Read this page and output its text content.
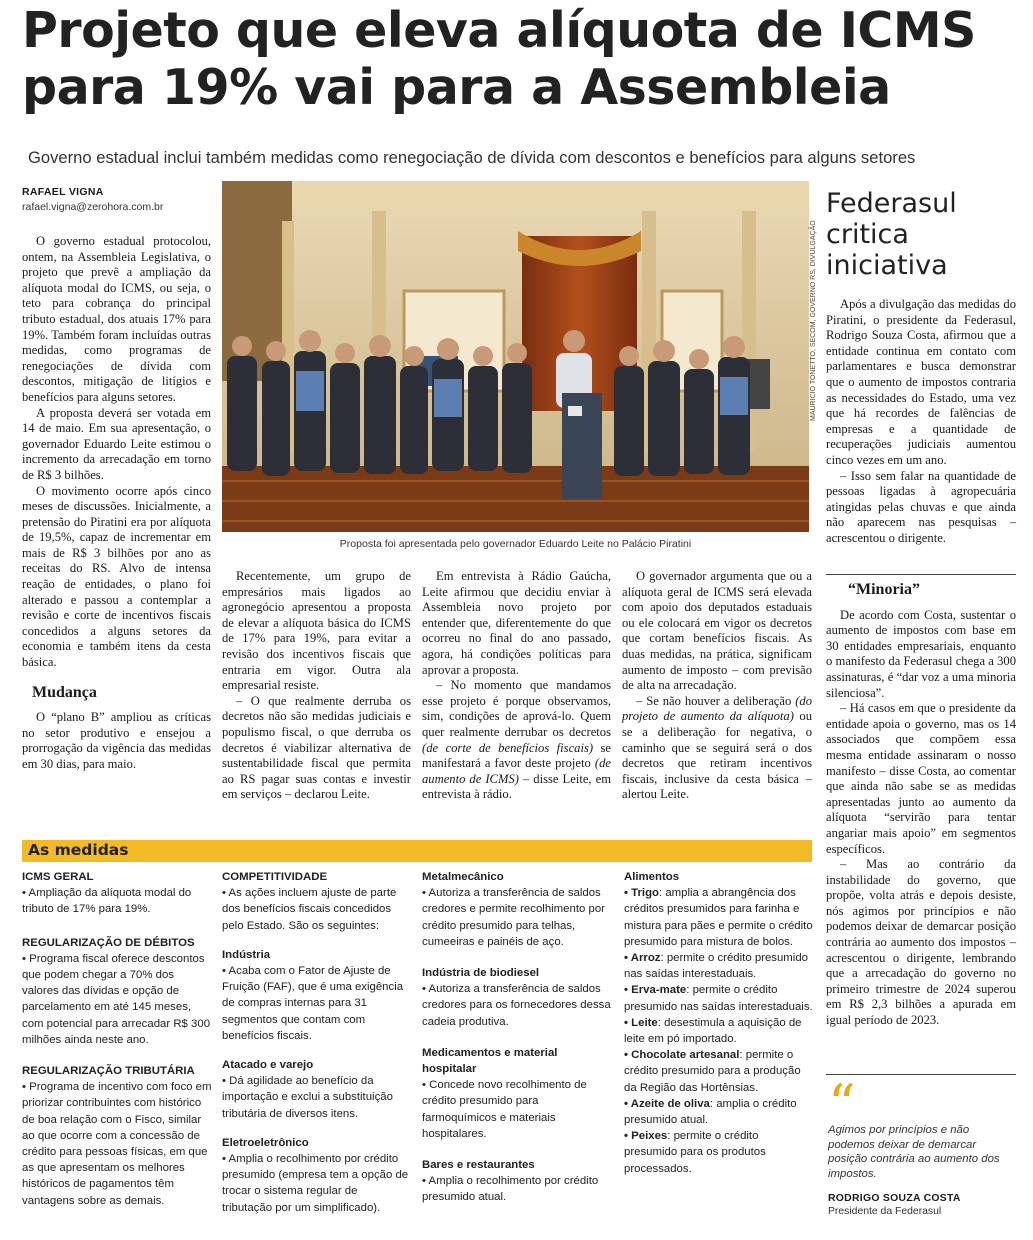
Projeto que eleva alíquota de ICMS para 19% vai para a Assembleia
Governo estadual inclui também medidas como renegociação de dívida com descontos e benefícios para alguns setores
RAFAEL VIGNA
rafael.vigna@zerohora.com.br

O governo estadual protocolou, ontem, na Assembleia Legislativa, o projeto que prevê a ampliação da alíquota modal do ICMS, ou seja, o teto para cobrança do principal tributo estadual, dos atuais 17% para 19%. Também foram incluídas outras medidas, como programas de renegociações de dívida com descontos, mitigação de litígios e benefícios para alguns setores.

A proposta deverá ser votada em 14 de maio. Em sua apresentação, o governador Eduardo Leite estimou o incremento da arrecadação em torno de R$ 3 bilhões.

O movimento ocorre após cinco meses de discussões. Inicialmente, a pretensão do Piratini era por alíquota de 19,5%, capaz de incrementar em mais de R$ 3 bilhões por ano as receitas do RS. Alvo de intensa reação de entidades, o plano foi alterado e passou a contemplar a revisão e corte de incentivos fiscais concedidos a alguns setores da economia e também itens da cesta básica.

Mudança

O “plano B” ampliou as críticas no setor produtivo e ensejou a prorrogação da vigência das medidas em 30 dias, para maio.

MAURICIO TONETTO, SECOM, GOVERNO RS, DIVULGAÇÃO
Proposta foi apresentada pelo governador Eduardo Leite no Palácio Piratini

Recentemente, um grupo de empresários mais ligados ao agronegócio apresentou a proposta de elevar a alíquota básica do ICMS de 17% para 19%, para evitar a revisão dos incentivos fiscais que entraria em vigor. Outra ala empresarial resiste.

– O que realmente derruba os decretos não são medidas judiciais e populismo fiscal, o que derruba os decretos é viabilizar alternativa de sustentabilidade fiscal que permita ao RS pagar suas contas e investir em serviços – declarou Leite.

Em entrevista à Rádio Gaúcha, Leite afirmou que decidiu enviar à Assembleia novo projeto por entender que, diferentemente do que ocorreu no final do ano passado, agora, há condições políticas para aprovar a proposta.

– No momento que mandamos esse projeto é porque observamos, sim, condições de aprová-lo. Quem quer realmente derrubar os decretos (de corte de benefícios fiscais) se manifestará a favor deste projeto (de aumento de ICMS) – disse Leite, em entrevista à rádio.

O governador argumenta que ou a alíquota geral de ICMS será elevada com apoio dos deputados estaduais ou ele colocará em vigor os decretos que cortam benefícios fiscais. As duas medidas, na prática, significam aumento de imposto – com previsão de alta na arrecadação.

– Se não houver a deliberação (do projeto de aumento da alíquota) ou se a deliberação for negativa, o caminho que se seguirá será o dos decretos que retiram incentivos fiscais, inclusive da cesta básica – alertou Leite.

Federasul critica iniciativa

Após a divulgação das medidas do Piratini, o presidente da Federasul, Rodrigo Souza Costa, afirmou que a entidade continua em contato com parlamentares e busca demonstrar que o aumento de impostos contraria as necessidades do Estado, uma vez que há recordes de falências de empresas e a quantidade de recuperações judiciais aumentou cinco vezes em um ano.

– Isso sem falar na quantidade de pessoas ligadas à agropecuária atingidas pelas chuvas e que ainda não aparecem nas pesquisas – acrescentou o dirigente.

“Minoria”

De acordo com Costa, sustentar o aumento de impostos com base em 30 entidades empresariais, enquanto o manifesto da Federasul chega a 300 assinaturas, é “dar voz a uma minoria silenciosa”.

– Há casos em que o presidente da entidade apoia o governo, mas os 14 associados que compõem essa mesma entidade assinaram o nosso manifesto – disse Costa, ao comentar que ainda não sabe se as medidas apresentadas junto ao aumento da alíquota “servirão para tentar angariar mais apoio” em segmentos específicos.

– Mas ao contrário da instabilidade do governo, que propõe, volta atrás e depois desiste, nós agimos por princípios e não podemos deixar de demarcar posição contrária ao aumento dos impostos – acrescentou o dirigente, lembrando que a arrecadação do governo no primeiro trimestre de 2024 superou em R$ 2,3 bilhões a apurada em igual período de 2023.

“
Agimos por princípios e não podemos deixar de demarcar posição contrária ao aumento dos impostos.
RODRIGO SOUZA COSTA
Presidente da Federasul
As medidas
ICMS GERAL
• Ampliação da alíquota modal do tributo de 17% para 19%.
REGULARIZAÇÃO DE DÉBITOS
• Programa fiscal oferece descontos que podem chegar a 70% dos valores das dívidas e opção de parcelamento em até 145 meses, com potencial para arrecadar R$ 300 milhões ainda neste ano.
REGULARIZAÇÃO TRIBUTÁRIA
• Programa de incentivo com foco em priorizar contribuintes com histórico de boa relação com o Fisco, similar ao que ocorre com a concessão de crédito para pessoas físicas, em que as que apresentam os melhores históricos de pagamentos têm vantagens sobre as demais.
COMPETITIVIDADE
• As ações incluem ajuste de parte dos benefícios fiscais concedidos pelo Estado. São os seguintes:
Indústria
• Acaba com o Fator de Ajuste de Fruição (FAF), que é uma exigência de compras internas para 31 segmentos que contam com benefícios fiscais.
Atacado e varejo
• Dá agilidade ao benefício da importação e exclui a substituição tributária de diversos itens.
Eletroeletrônico
• Amplia o recolhimento por crédito presumido (empresa tem a opção de trocar o sistema regular de tributação por um simplificado).
Metalmecânico
• Autoriza a transferência de saldos credores e permite recolhimento por crédito presumido para telhas, cumeeiras e painéis de aço.
Indústria de biodiesel
• Autoriza a transferência de saldos credores para os fornecedores dessa cadeia produtiva.
Medicamentos e material hospitalar
• Concede novo recolhimento de crédito presumido para farmoquímicos e materiais hospitalares.
Bares e restaurantes
• Amplia o recolhimento por crédito presumido atual.
Alimentos
• Trigo: amplia a abrangência dos créditos presumidos para farinha e mistura para pães e permite o crédito presumido para mistura de bolos.
• Arroz: permite o crédito presumido nas saídas interestaduais.
• Erva-mate: permite o crédito presumido nas saídas interestaduais.
• Leite: desestimula a aquisição de leite em pó importado.
• Chocolate artesanal: permite o crédito presumido para a produção da Região das Hortênsias.
• Azeite de oliva: amplia o crédito presumido atual.
• Peixes: permite o crédito presumido para os produtos processados.
